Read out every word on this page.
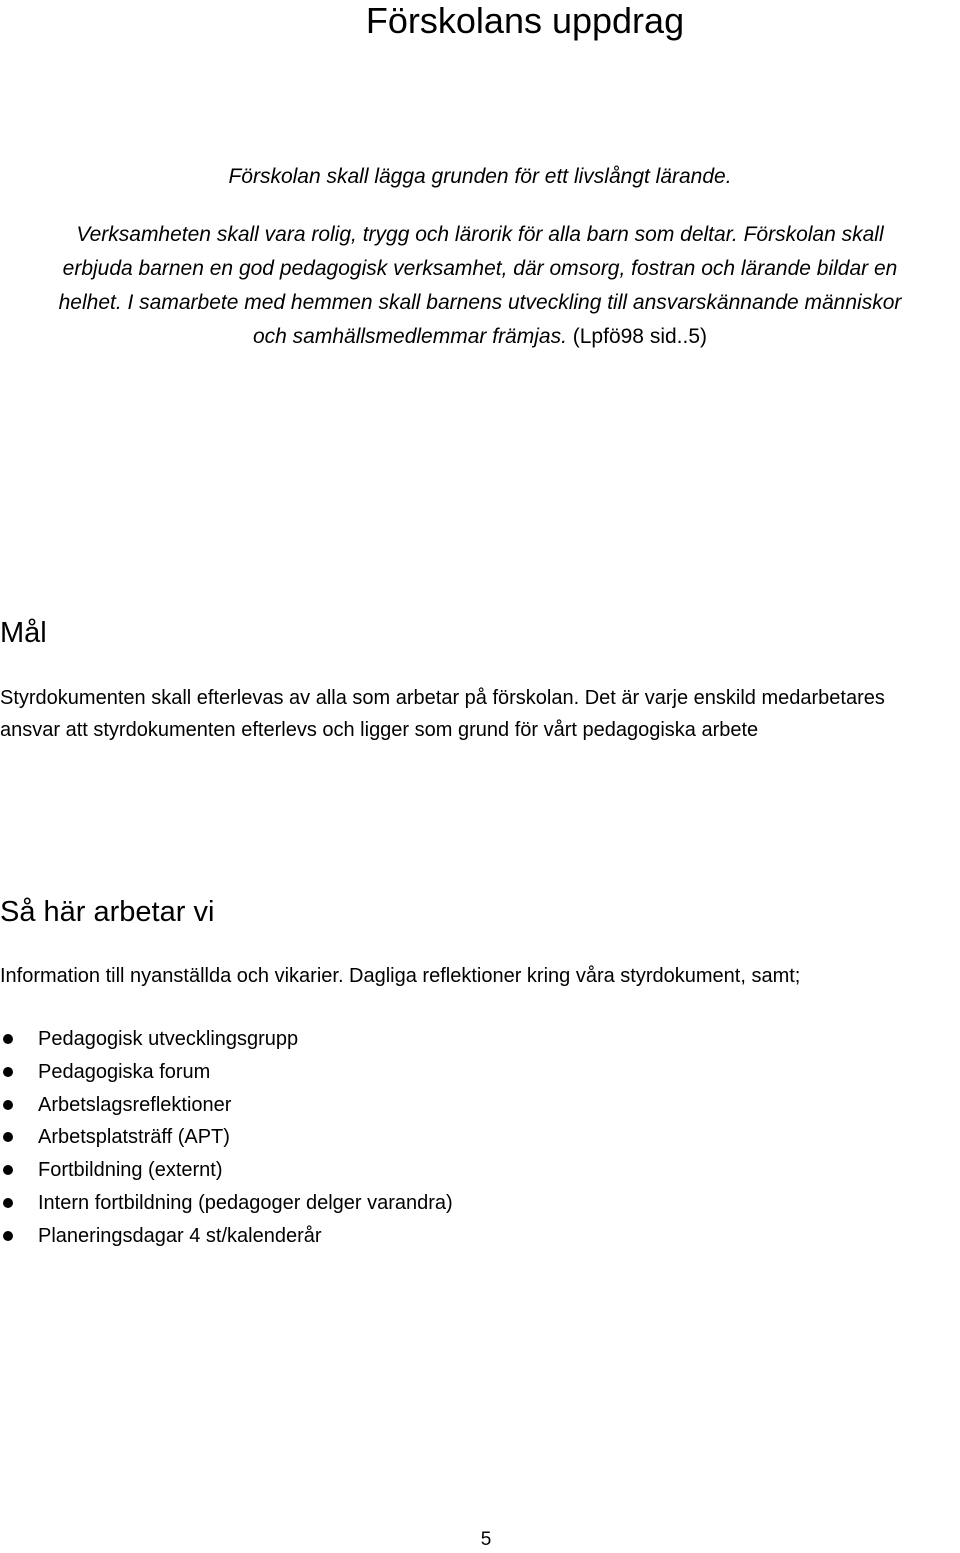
Förskolans uppdrag

Förskolan skall lägga grunden för ett livslångt lärande.

Verksamheten skall vara rolig, trygg och lärorik för alla barn som deltar. Förskolan skall
erbjuda barnen en god pedagogisk verksamhet, där omsorg, fostran och lärande bildar en
helhet. I samarbete med hemmen skall barnens utveckling till ansvarskännande människor
och samhällsmedlemmar främjas. (Lpfö98 sid..5)

Mål

Styrdokumenten skall efterlevas av alla som arbetar på förskolan. Det är varje enskild medarbetares ansvar att styrdokumenten efterlevs och ligger som grund för vårt pedagogiska arbete

Så här arbetar vi

Information till nyanställda och vikarier. Dagliga reflektioner kring våra styrdokument, samt;

Pedagogisk utvecklingsgrupp
Pedagogiska forum
Arbetslagsreflektioner
Arbetsplatsträff (APT)
Fortbildning (externt)
Intern fortbildning (pedagoger delger varandra)
Planeringsdagar 4 st/kalenderår

5
